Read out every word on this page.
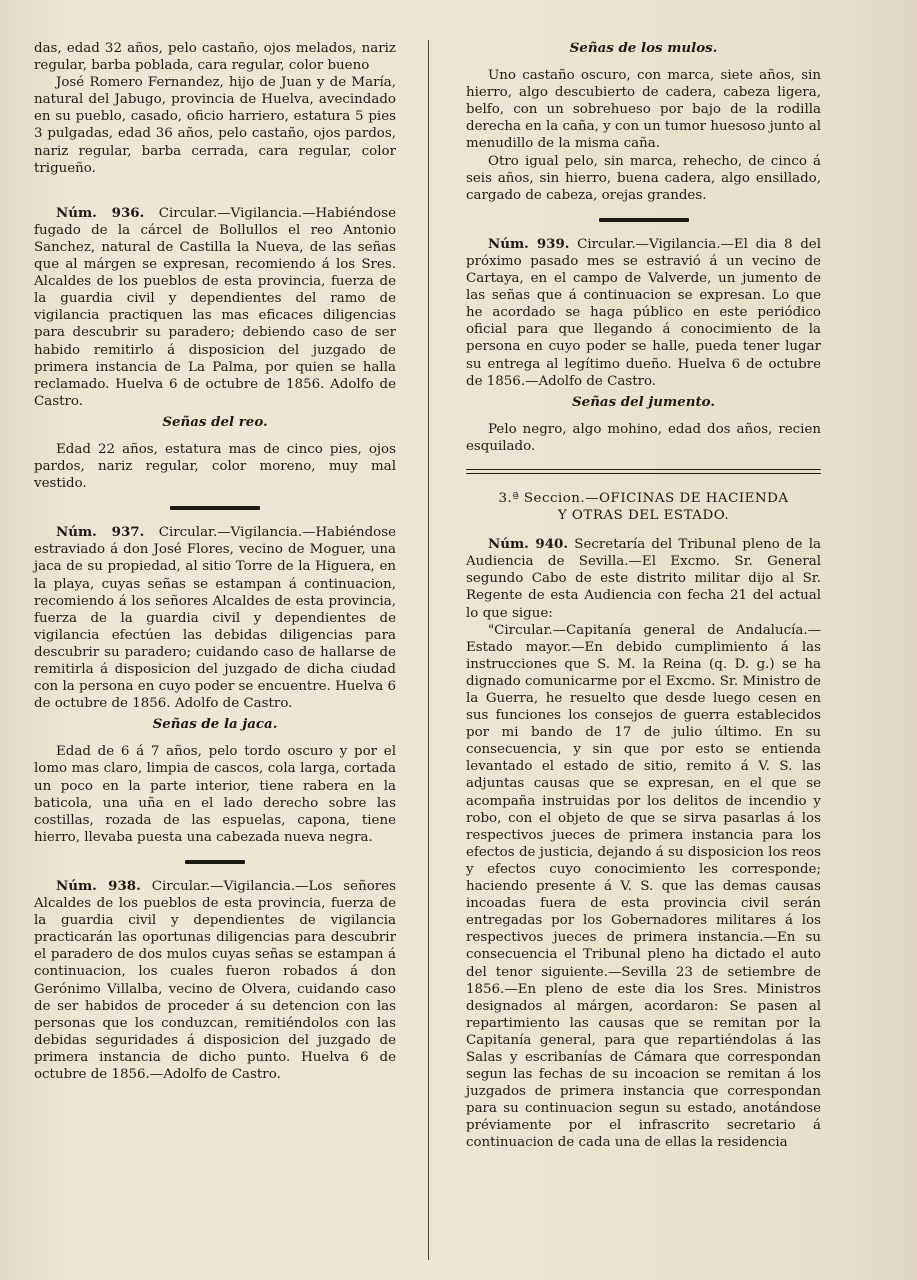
das, edad 32 años, pelo castaño, ojos melados, nariz regular, barba poblada, cara regular, color bueno

José Romero Fernandez, hijo de Juan y de María, natural del Jabugo, provincia de Huelva, avecindado en su pueblo, casado, oficio harriero, estatura 5 pies 3 pulgadas, edad 36 años, pelo castaño, ojos pardos, nariz regular, barba cerrada, cara regular, color trigueño.

Núm. 936. Circular.—Vigilancia.—Habiéndose fugado de la cárcel de Bollullos el reo Antonio Sanchez, natural de Castilla la Nueva, de las señas que al márgen se expresan, recomiendo á los Sres. Alcaldes de los pueblos de esta provincia, fuerza de la guardia civil y dependientes del ramo de vigilancia practiquen las mas eficaces diligencias para descubrir su paradero; debiendo caso de ser habido remitirlo á disposicion del juzgado de primera instancia de La Palma, por quien se halla reclamado. Huelva 6 de octubre de 1856. Adolfo de Castro.

Señas del reo.

Edad 22 años, estatura mas de cinco pies, ojos pardos, nariz regular, color moreno, muy mal vestido.

Núm. 937. Circular.—Vigilancia.—Habiéndose estraviado á don José Flores, vecino de Moguer, una jaca de su propiedad, al sitio Torre de la Higuera, en la playa, cuyas señas se estampan á continuacion, recomiendo á los señores Alcaldes de esta provincia, fuerza de la guardia civil y dependientes de vigilancia efectúen las debidas diligencias para descubrir su paradero; cuidando caso de hallarse de remitirla á disposicion del juzgado de dicha ciudad con la persona en cuyo poder se encuentre. Huelva 6 de octubre de 1856. Adolfo de Castro.

Señas de la jaca.

Edad de 6 á 7 años, pelo tordo oscuro y por el lomo mas claro, limpia de cascos, cola larga, cortada un poco en la parte interior, tiene rabera en la baticola, una uña en el lado derecho sobre las costillas, rozada de las espuelas, capona, tiene hierro, llevaba puesta una cabezada nueva negra.

Núm. 938. Circular.—Vigilancia.—Los señores Alcaldes de los pueblos de esta provincia, fuerza de la guardia civil y dependientes de vigilancia practicarán las oportunas diligencias para descubrir el paradero de dos mulos cuyas señas se estampan á continuacion, los cuales fueron robados á don Gerónimo Villalba, vecino de Olvera, cuidando caso de ser habidos de proceder á su detencion con las personas que los conduzcan, remitiéndolos con las debidas seguridades á disposicion del juzgado de primera instancia de dicho punto. Huelva 6 de octubre de 1856.—Adolfo de Castro.

Señas de los mulos.

Uno castaño oscuro, con marca, siete años, sin hierro, algo descubierto de cadera, cabeza ligera, belfo, con un sobrehueso por bajo de la rodilla derecha en la caña, y con un tumor huesoso junto al menudillo de la misma caña.

Otro igual pelo, sin marca, rehecho, de cinco á seis años, sin hierro, buena cadera, algo ensillado, cargado de cabeza, orejas grandes.

Núm. 939. Circular.—Vigilancia.—El dia 8 del próximo pasado mes se estravió á un vecino de Cartaya, en el campo de Valverde, un jumento de las señas que á continuacion se expresan. Lo que he acordado se haga público en este periódico oficial para que llegando á conocimiento de la persona en cuyo poder se halle, pueda tener lugar su entrega al legítimo dueño. Huelva 6 de octubre de 1856.—Adolfo de Castro.

Señas del jumento.

Pelo negro, algo mohino, edad dos años, recien esquilado.

3.ª Seccion.—OFICINAS DE HACIENDA
Y OTRAS DEL ESTADO.

Núm. 940. Secretaría del Tribunal pleno de la Audiencia de Sevilla.—El Excmo. Sr. General segundo Cabo de este distrito militar dijo al Sr. Regente de esta Audiencia con fecha 21 del actual lo que sigue:

"Circular.—Capitanía general de Andalucía.—Estado mayor.—En debido cumplimiento á las instrucciones que S. M. la Reina (q. D. g.) se ha dignado comunicarme por el Excmo. Sr. Ministro de la Guerra, he resuelto que desde luego cesen en sus funciones los consejos de guerra establecidos por mi bando de 17 de julio último. En su consecuencia, y sin que por esto se entienda levantado el estado de sitio, remito á V. S. las adjuntas causas que se expresan, en el que se acompaña instruidas por los delitos de incendio y robo, con el objeto de que se sirva pasarlas á los respectivos jueces de primera instancia para los efectos de justicia, dejando á su disposicion los reos y efectos cuyo conocimiento les corresponde; haciendo presente á V. S. que las demas causas incoadas fuera de esta provincia civil serán entregadas por los Gobernadores militares á los respectivos jueces de primera instancia.—En su consecuencia el Tribunal pleno ha dictado el auto del tenor siguiente.—Sevilla 23 de setiembre de 1856.—En pleno de este dia los Sres. Ministros designados al márgen, acordaron: Se pasen al repartimiento las causas que se remitan por la Capitanía general, para que repartiéndolas á las Salas y escribanías de Cámara que correspondan segun las fechas de su incoacion se remitan á los juzgados de primera instancia que correspondan para su continuacion segun su estado, anotándose préviamente por el infrascrito secretario á continuacion de cada una de ellas la residencia
